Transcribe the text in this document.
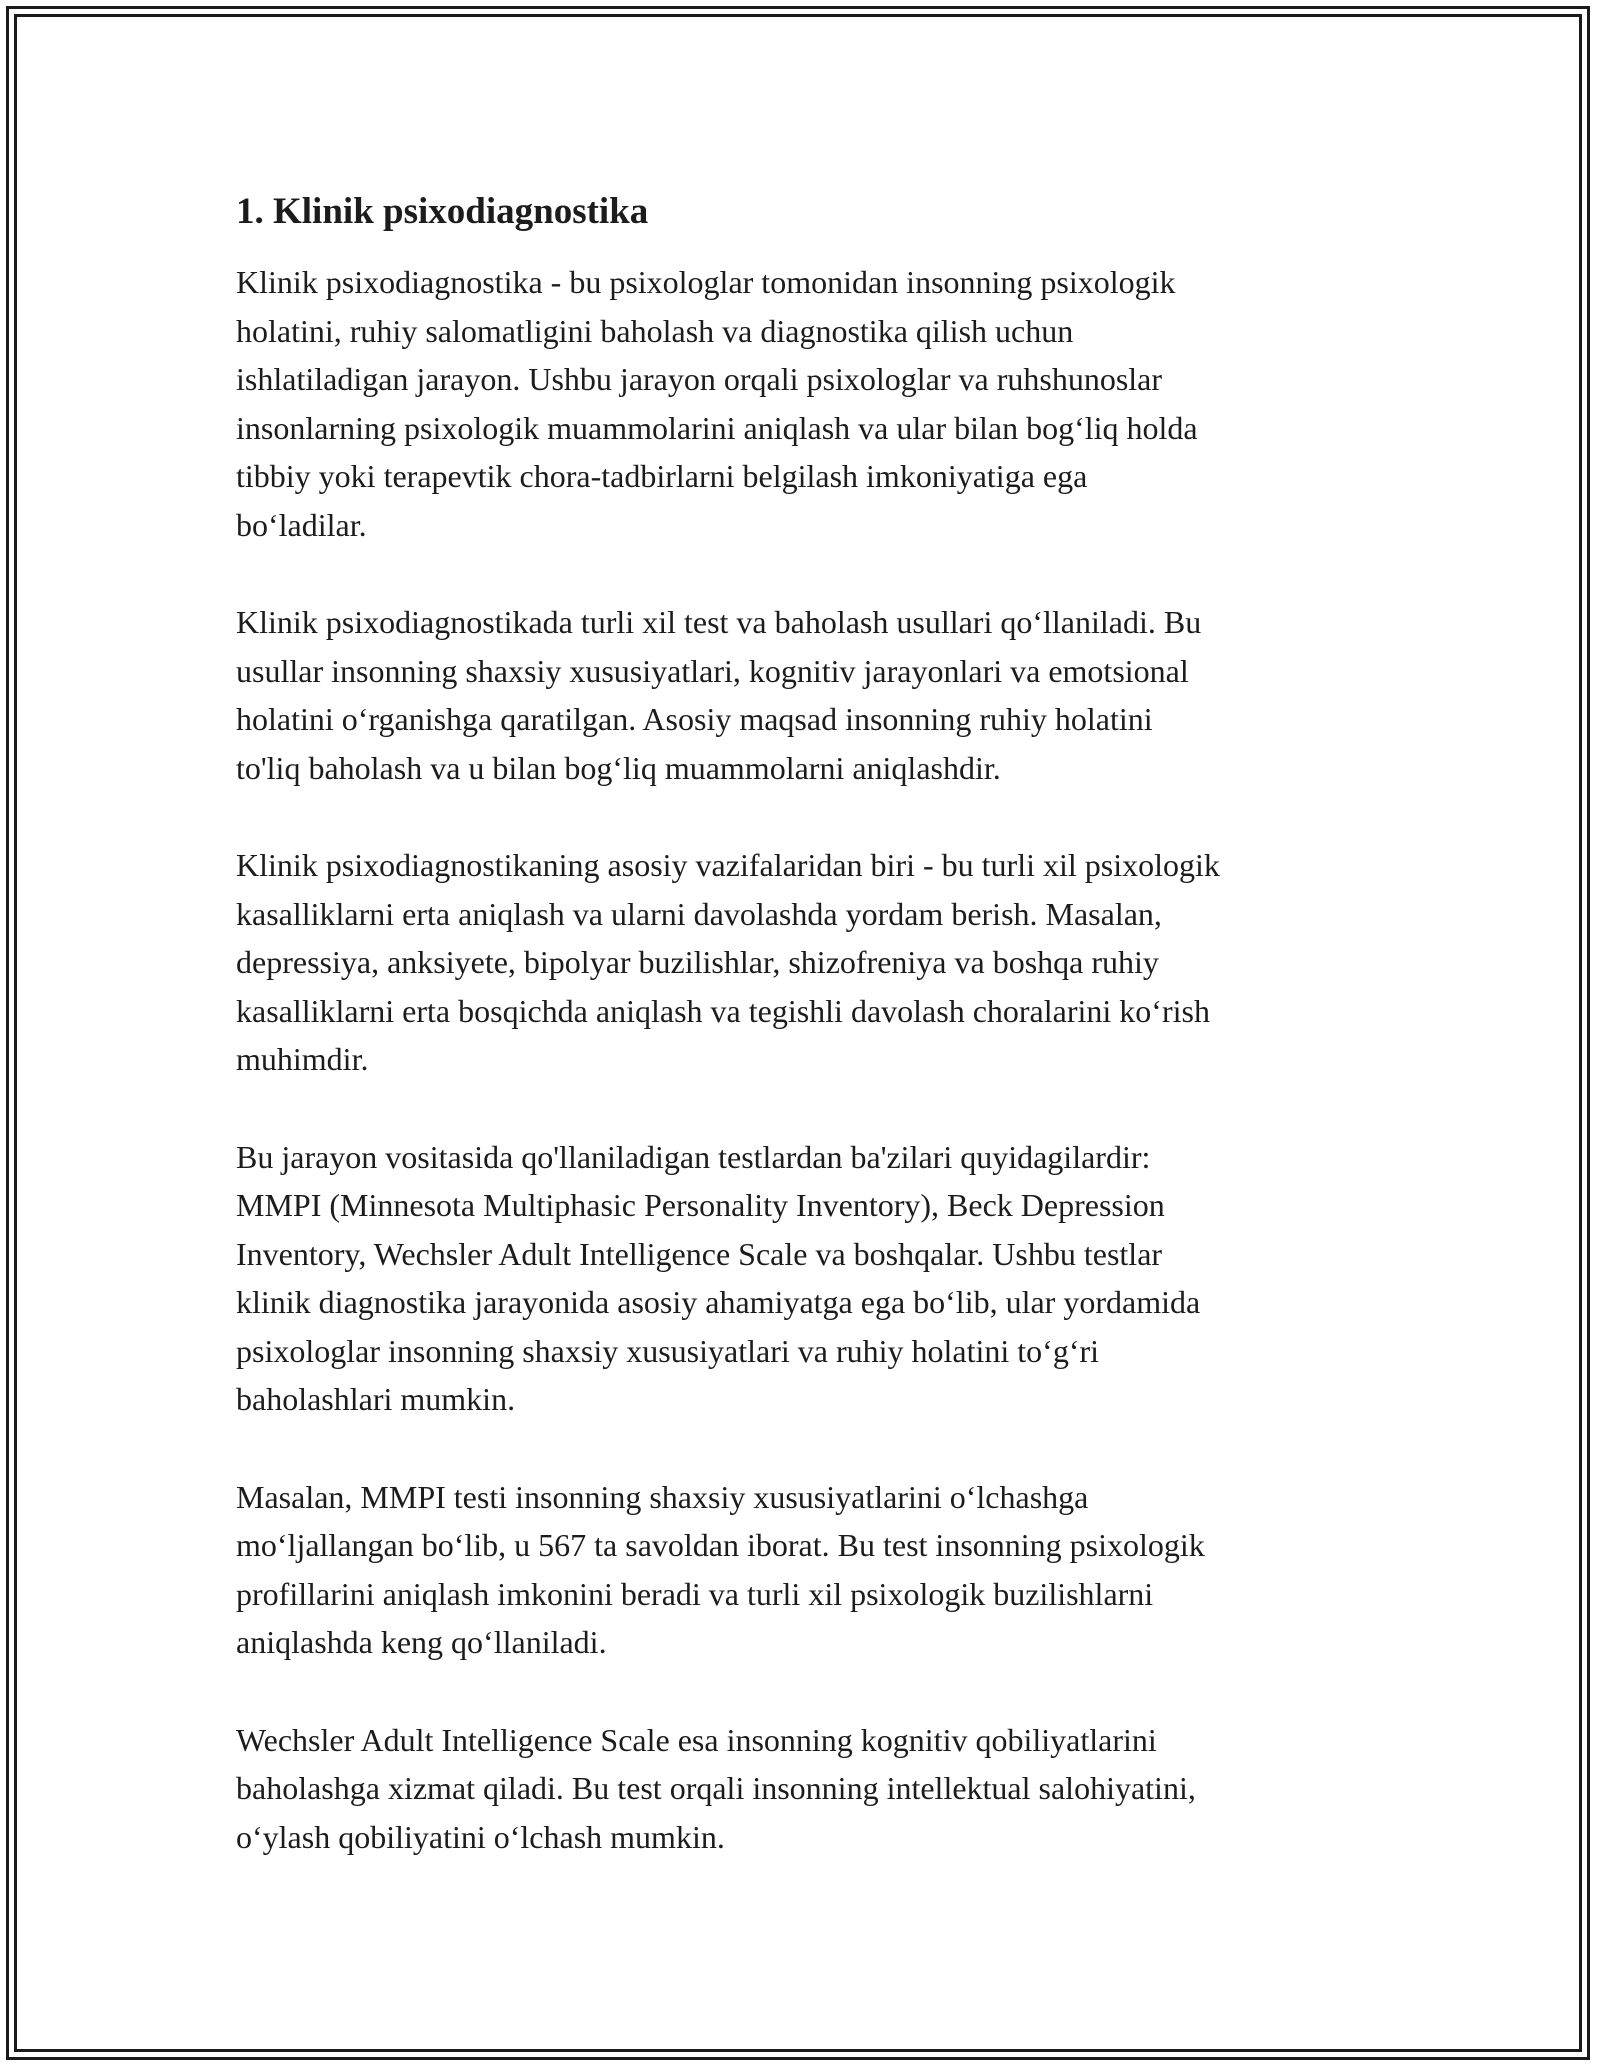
1. Klinik psixodiagnostika

Klinik psixodiagnostika - bu psixologlar tomonidan insonning psixologik
holatini, ruhiy salomatligini baholash va diagnostika qilish uchun
ishlatiladigan jarayon. Ushbu jarayon orqali psixologlar va ruhshunoslar
insonlarning psixologik muammolarini aniqlash va ular bilan bog‘liq holda
tibbiy yoki terapevtik chora-tadbirlarni belgilash imkoniyatiga ega
bo‘ladilar.

Klinik psixodiagnostikada turli xil test va baholash usullari qo‘llaniladi. Bu
usullar insonning shaxsiy xususiyatlari, kognitiv jarayonlari va emotsional
holatini o‘rganishga qaratilgan. Asosiy maqsad insonning ruhiy holatini
to'liq baholash va u bilan bog‘liq muammolarni aniqlashdir.

Klinik psixodiagnostikaning asosiy vazifalaridan biri - bu turli xil psixologik
kasalliklarni erta aniqlash va ularni davolashda yordam berish. Masalan,
depressiya, anksiyete, bipolyar buzilishlar, shizofreniya va boshqa ruhiy
kasalliklarni erta bosqichda aniqlash va tegishli davolash choralarini ko‘rish
muhimdir.

Bu jarayon vositasida qo'llaniladigan testlardan ba'zilari quyidagilardir:
MMPI (Minnesota Multiphasic Personality Inventory), Beck Depression
Inventory, Wechsler Adult Intelligence Scale va boshqalar. Ushbu testlar
klinik diagnostika jarayonida asosiy ahamiyatga ega bo‘lib, ular yordamida
psixologlar insonning shaxsiy xususiyatlari va ruhiy holatini to‘g‘ri
baholashlari mumkin.

Masalan, MMPI testi insonning shaxsiy xususiyatlarini o‘lchashga
mo‘ljallangan bo‘lib, u 567 ta savoldan iborat. Bu test insonning psixologik
profillarini aniqlash imkonini beradi va turli xil psixologik buzilishlarni
aniqlashda keng qo‘llaniladi.

Wechsler Adult Intelligence Scale esa insonning kognitiv qobiliyatlarini
baholashga xizmat qiladi. Bu test orqali insonning intellektual salohiyatini,
o‘ylash qobiliyatini o‘lchash mumkin.
